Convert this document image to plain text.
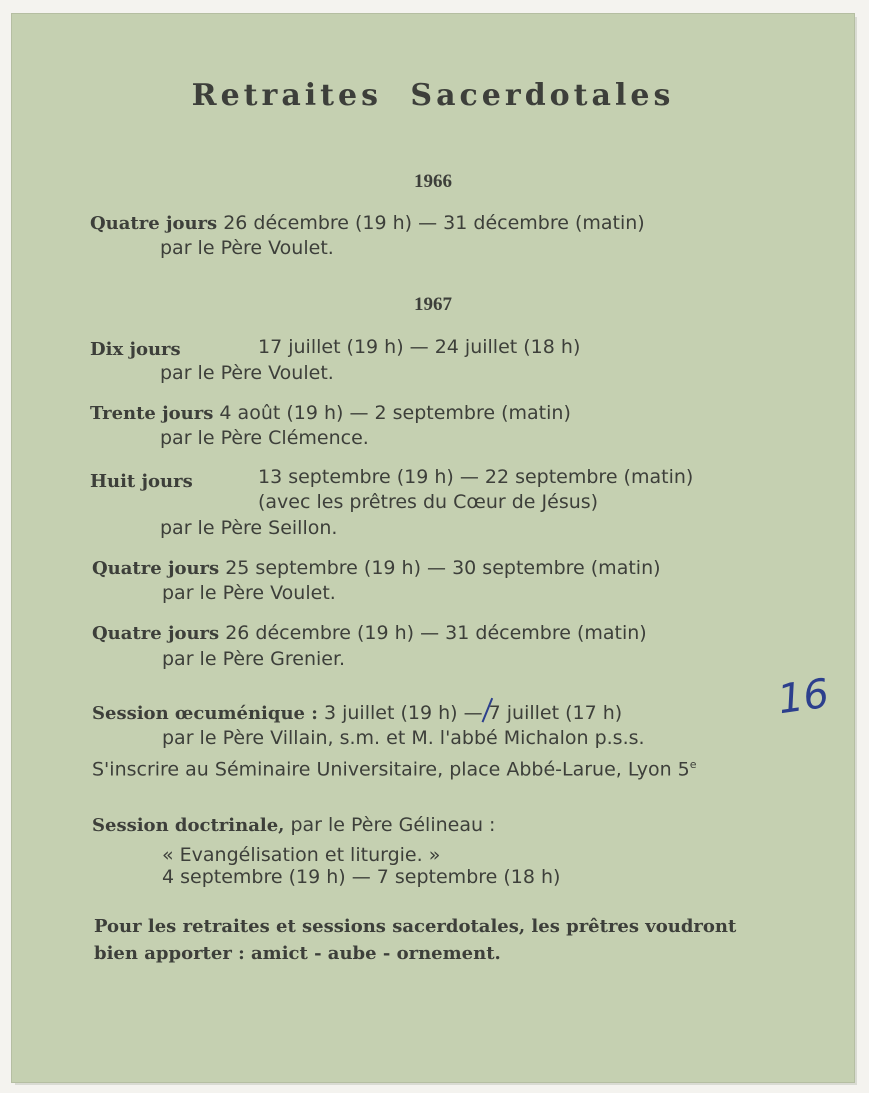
Retraites Sacerdotales
1966
Quatre jours 26 décembre (19 h) — 31 décembre (matin)
par le Père Voulet.
1967
Dix jours	17 juillet (19 h) — 24 juillet (18 h)
par le Père Voulet.
Trente jours 4 août (19 h) — 2 septembre (matin)
par le Père Clémence.
Huit jours	13 septembre (19 h) — 22 septembre (matin)
(avec les prêtres du Cœur de Jésus)
par le Père Seillon.
Quatre jours 25 septembre (19 h) — 30 septembre (matin)
par le Père Voulet.
Quatre jours 26 décembre (19 h) — 31 décembre (matin)
par le Père Grenier.
Session œcuménique : 3 juillet (19 h) — 7 juillet (17 h)
par le Père Villain, s.m. et M. l'abbé Michalon p.s.s.
S'inscrire au Séminaire Universitaire, place Abbé-Larue, Lyon 5e
16
Session doctrinale, par le Père Gélineau :
« Evangélisation et liturgie. »
4 septembre (19 h) — 7 septembre (18 h)
Pour les retraites et sessions sacerdotales, les prêtres voudront
bien apporter : amict - aube - ornement.
